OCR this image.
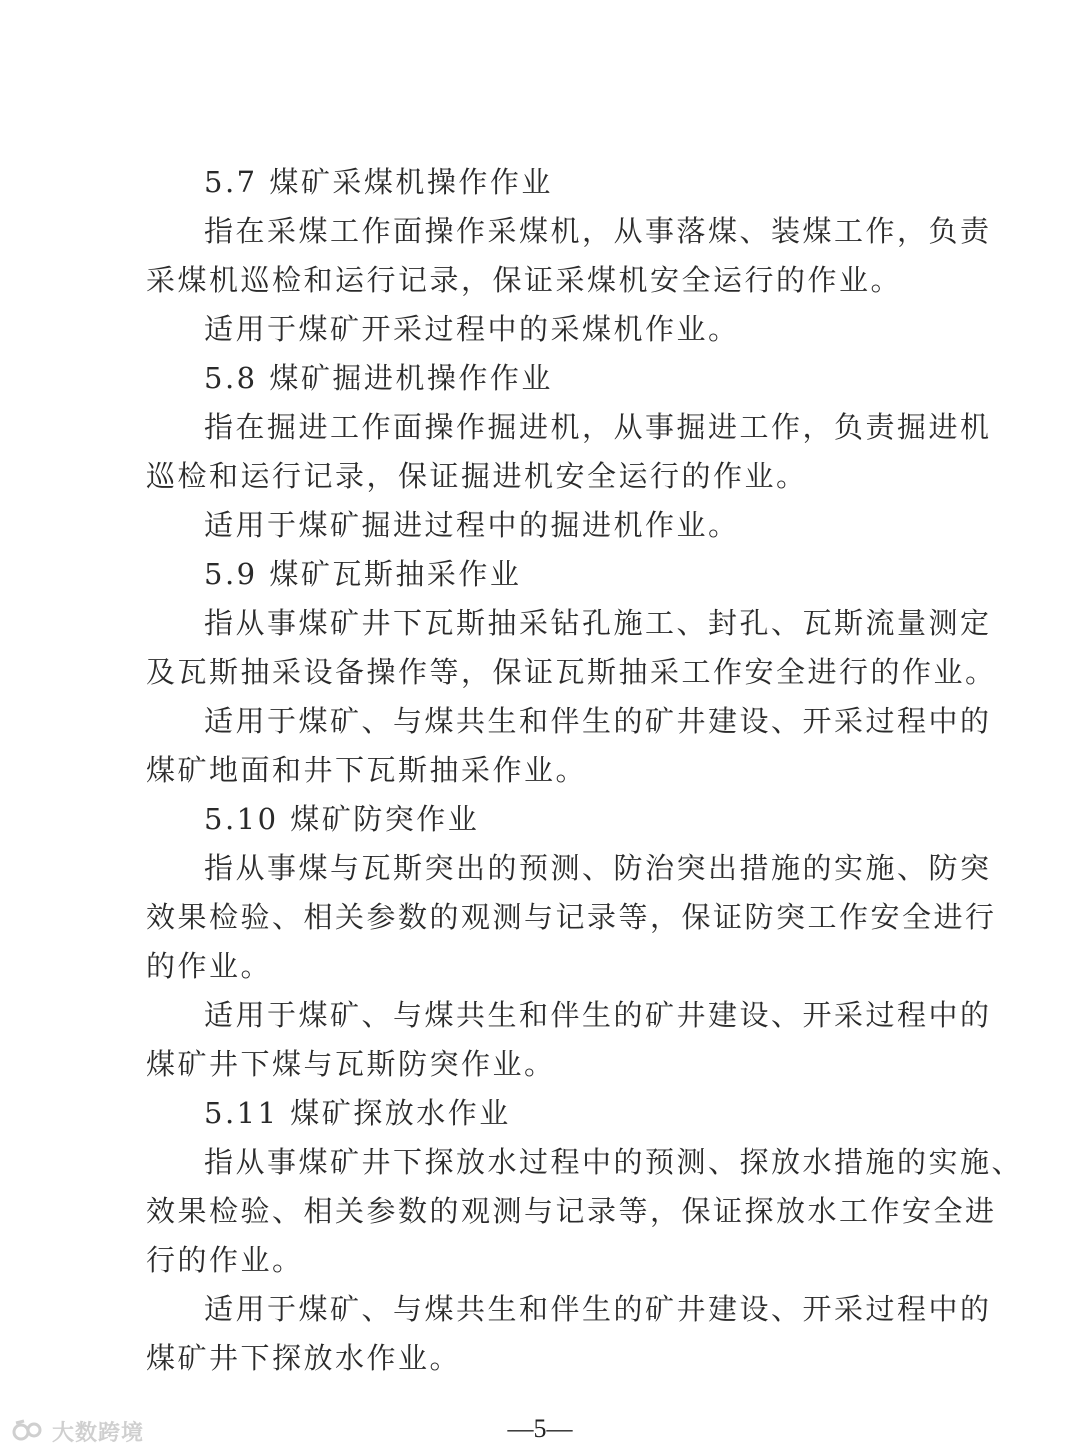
5.7 煤矿采煤机操作作业
指在采煤工作面操作采煤机，从事落煤、装煤工作，负责
采煤机巡检和运行记录，保证采煤机安全运行的作业。
适用于煤矿开采过程中的采煤机作业。
5.8 煤矿掘进机操作作业
指在掘进工作面操作掘进机，从事掘进工作，负责掘进机
巡检和运行记录，保证掘进机安全运行的作业。
适用于煤矿掘进过程中的掘进机作业。
5.9 煤矿瓦斯抽采作业
指从事煤矿井下瓦斯抽采钻孔施工、封孔、瓦斯流量测定
及瓦斯抽采设备操作等，保证瓦斯抽采工作安全进行的作业。
适用于煤矿、与煤共生和伴生的矿井建设、开采过程中的
煤矿地面和井下瓦斯抽采作业。
5.10 煤矿防突作业
指从事煤与瓦斯突出的预测、防治突出措施的实施、防突
效果检验、相关参数的观测与记录等，保证防突工作安全进行
的作业。
适用于煤矿、与煤共生和伴生的矿井建设、开采过程中的
煤矿井下煤与瓦斯防突作业。
5.11 煤矿探放水作业
指从事煤矿井下探放水过程中的预测、探放水措施的实施、
效果检验、相关参数的观测与记录等，保证探放水工作安全进
行的作业。
适用于煤矿、与煤共生和伴生的矿井建设、开采过程中的
煤矿井下探放水作业。
—5—
大数跨境
